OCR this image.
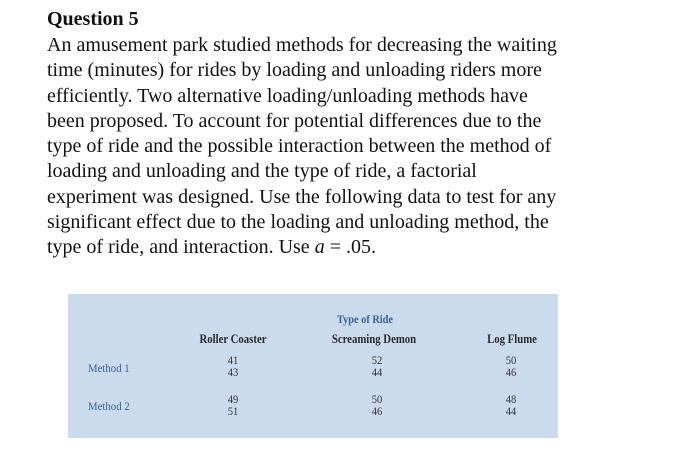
Question 5

An amusement park studied methods for decreasing the waiting

time (minutes) for rides by loading and unloading riders more

efficiently. Two alternative loading/unloading methods have

been proposed. To account for potential differences due to the

type of ride and the possible interaction between the method of

loading and unloading and the type of ride, a factorial

experiment was designed. Use the following data to test for any

significant effect due to the loading and unloading method, the

type of ride, and interaction. Use a = .05.

Type of Ride
Roller Coaster	Screaming Demon	Log Flume
Method 1
Method 2
41
43
52
44
50
46
49
51
50
46
48
44
